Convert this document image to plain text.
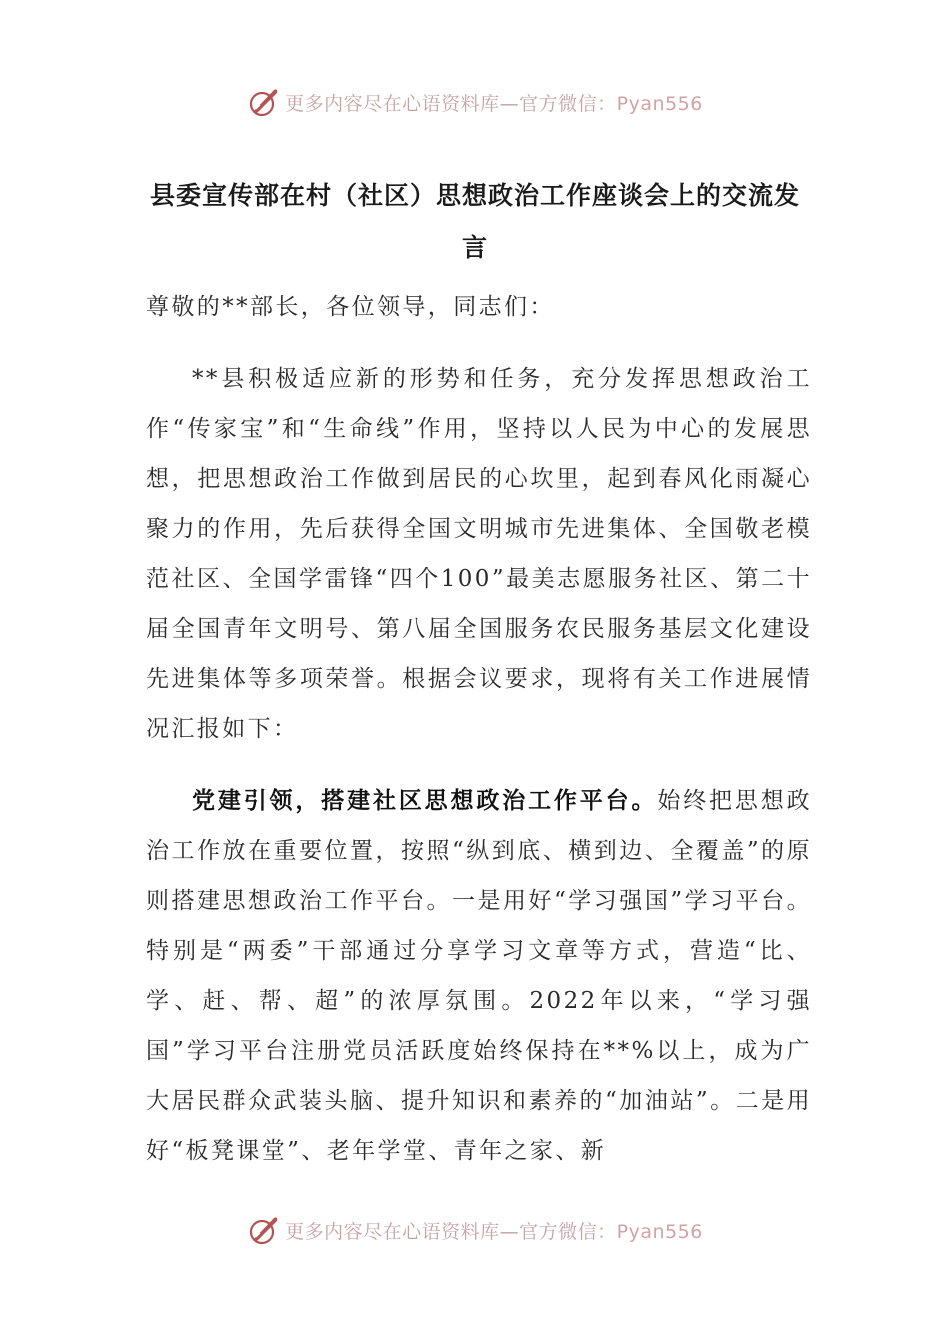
更多内容尽在心语资料库—官方微信：Pyan556
县委宣传部在村（社区）思想政治工作座谈会上的交流发
言

尊敬的**部长，各位领导，同志们：

**县积极适应新的形势和任务，充分发挥思想政治工作“传家宝”和“生命线”作用，坚持以人民为中心的发展思想，把思想政治工作做到居民的心坎里，起到春风化雨凝心聚力的作用，先后获得全国文明城市先进集体、全国敬老模范社区、全国学雷锋“四个100”最美志愿服务社区、第二十届全国青年文明号、第八届全国服务农民服务基层文化建设先进集体等多项荣誉。根据会议要求，现将有关工作进展情况汇报如下：

党建引领，搭建社区思想政治工作平台。始终把思想政治工作放在重要位置，按照“纵到底、横到边、全覆盖”的原则搭建思想政治工作平台。一是用好“学习强国”学习平台。特别是“两委”干部通过分享学习文章等方式，营造“比、学、赶、帮、超”的浓厚氛围。2022年以来，“学习强国”学习平台注册党员活跃度始终保持在**%以上，成为广大居民群众武装头脑、提升知识和素养的“加油站”。二是用好“板凳课堂”、老年学堂、青年之家、新

更多内容尽在心语资料库—官方微信：Pyan556
